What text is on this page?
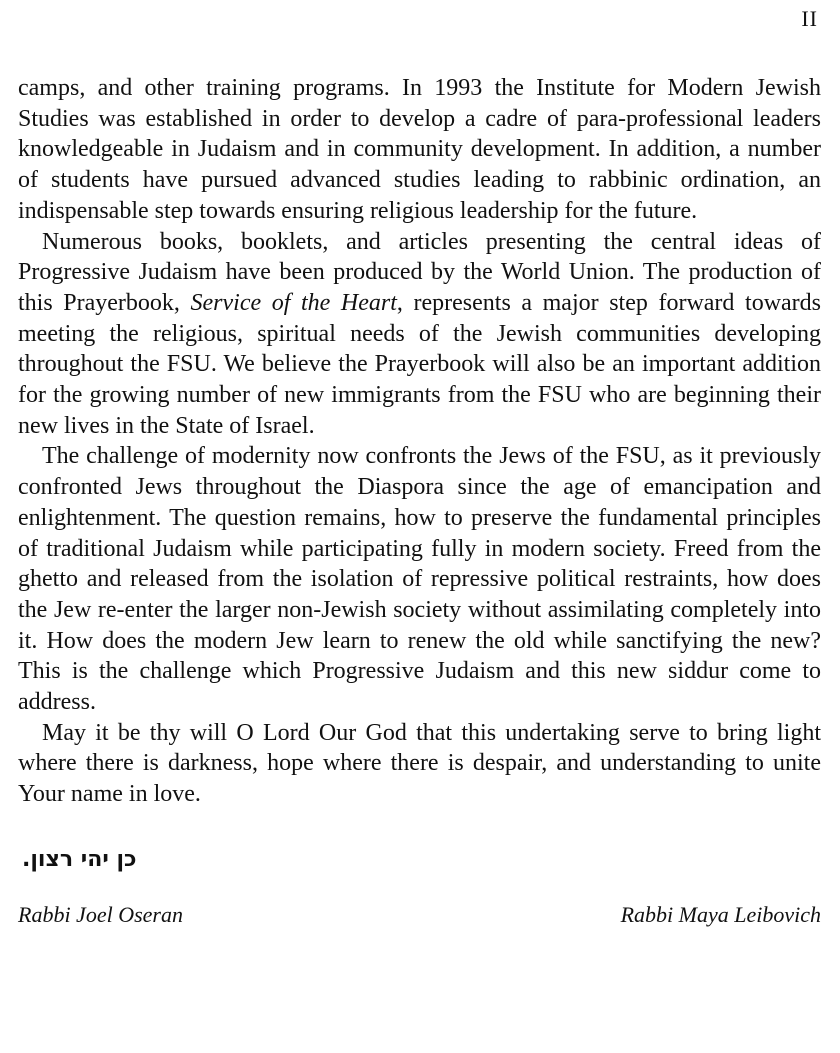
II

camps, and other training programs. In 1993 the Institute for Modern Jewish Studies was established in order to develop a cadre of para-professional leaders knowledgeable in Judaism and in community development. In addition, a number of students have pursued advanced studies leading to rabbinic ordination, an indispensable step towards ensuring religious leadership for the future.

Numerous books, booklets, and articles presenting the central ideas of Progressive Judaism have been produced by the World Union. The production of this Prayerbook, Service of the Heart, represents a major step forward towards meeting the religious, spiritual needs of the Jewish communities developing throughout the FSU. We believe the Prayerbook will also be an important addition for the growing number of new immigrants from the FSU who are beginning their new lives in the State of Israel.

The challenge of modernity now confronts the Jews of the FSU, as it previously confronted Jews throughout the Diaspora since the age of emancipation and enlightenment. The question remains, how to preserve the fundamental principles of traditional Judaism while participating fully in modern society. Freed from the ghetto and released from the isolation of repressive political restraints, how does the Jew re-enter the larger non-Jewish society without assimilating completely into it. How does the modern Jew learn to renew the old while sanctifying the new? This is the challenge which Progressive Judaism and this new siddur come to address.

May it be thy will O Lord Our God that this undertaking serve to bring light where there is darkness, hope where there is despair, and understanding to unite Your name in love.

כן יהי רצון.
Rabbi Joel Oseran	Rabbi Maya Leibovich
